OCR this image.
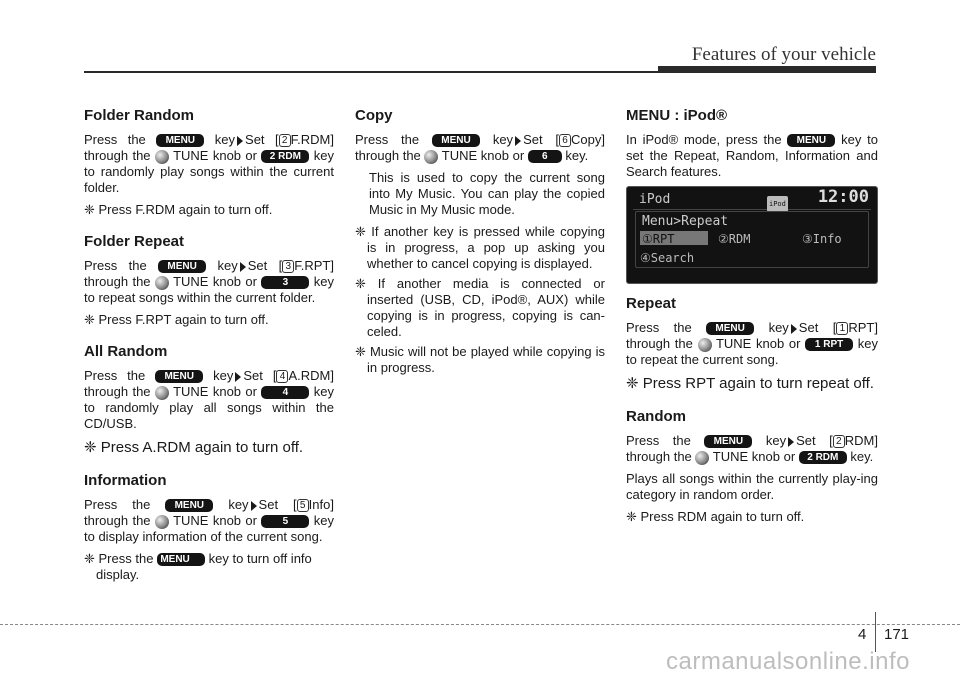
Features of your vehicle
Folder Random

Press the MENU key Set [ 2 F.RDM] through the TUNE knob or 2 RDM key to randomly play songs within the current folder.

❈ Press F.RDM again to turn off.

Folder Repeat

Press the MENU key Set [ 3 F.RPT] through the TUNE knob or	3 key to repeat songs within the current folder.

❈ Press F.RPT again to turn off.

All Random

Press the MENU key Set [ 4 A.RDM] through the TUNE knob or	4 key to randomly play all songs within the CD/USB.

❈ Press A.RDM again to turn off.

Information

Press the MENU key Set [ 5 Info] through the TUNE knob or	5 key to display information of the current song.

❈ Press the MENU key to turn off info display.

Copy

Press the MENU key Set [ 6 Copy] through the TUNE knob or 6 key.

This is used to copy the current song into My Music. You can play the copied Music in My Music mode.

❈ If another key is pressed while copying is in progress, a pop up asking you whether to cancel copying is displayed.

❈ If another media is connected or inserted (USB, CD, iPod®, AUX) while copying is in progress, copying is can-celed.

❈ Music will not be played while copying is in progress.

MENU : iPod®

In iPod® mode, press the MENU key to set the Repeat, Random, Information and Search features.

iPod	iPod 12:00
Menu>Repeat
①RPT	②RDM	③Info
④Search
Repeat

Press the MENU key Set [ 1 RPT] through the TUNE knob or 1 RPT key to repeat the current song.

❈ Press RPT again to turn repeat off.

Random

Press the MENU key Set [ 2 RDM] through the TUNE knob or 2 RDM key.

Plays all songs within the currently play-ing category in random order.

❈ Press RDM again to turn off.

4 171
carmanualsonline.info
